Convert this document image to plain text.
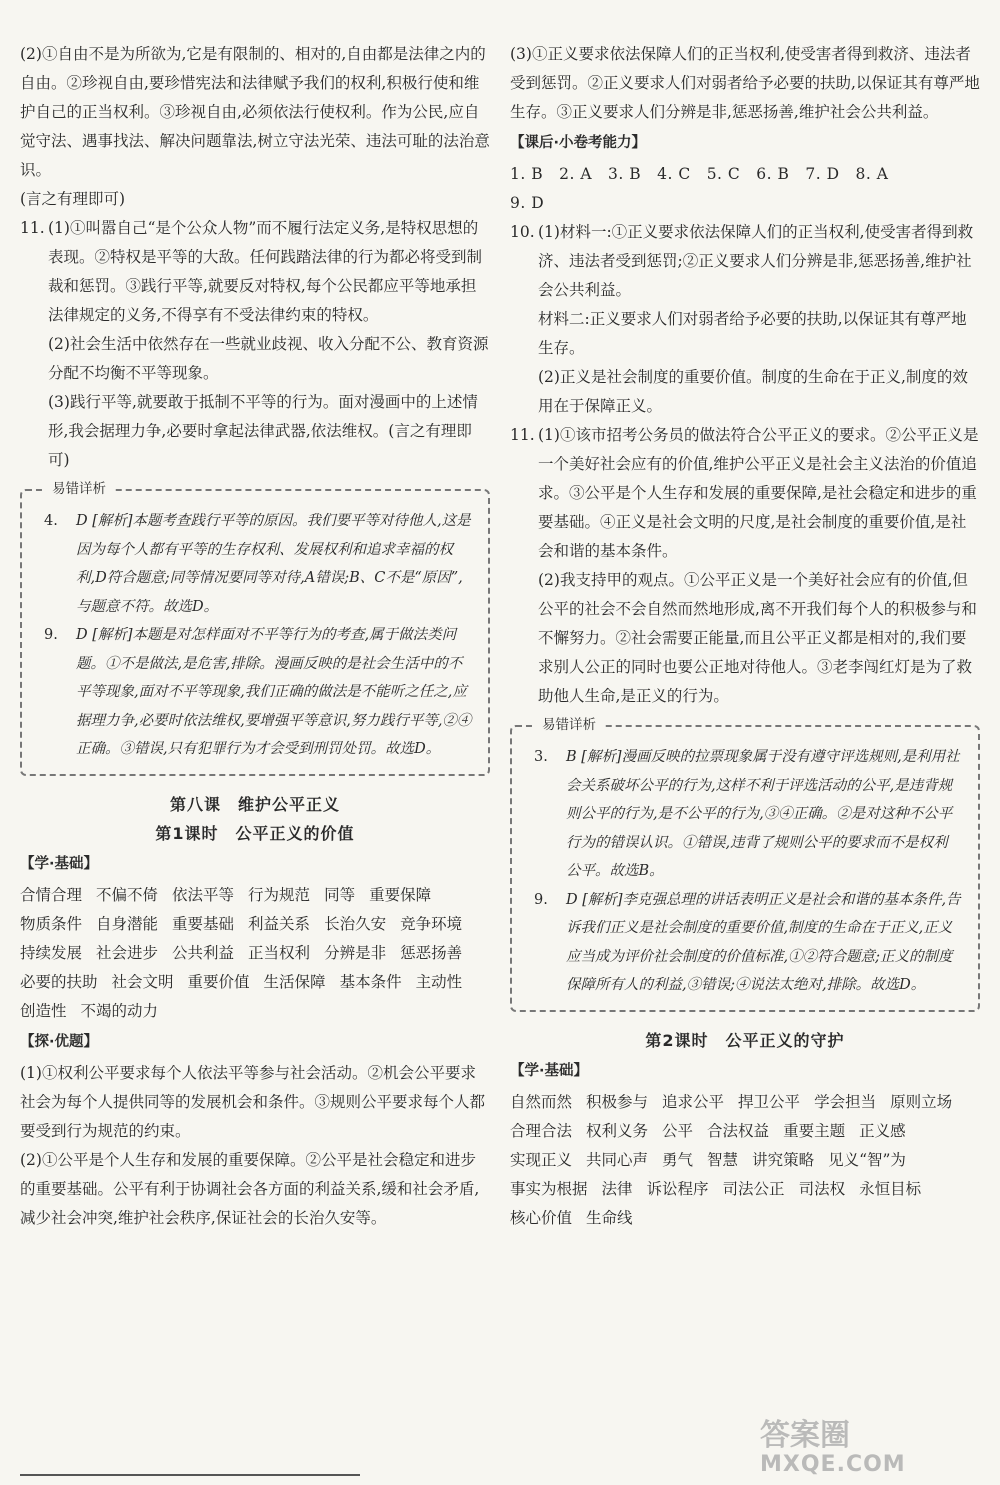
(2)①自由不是为所欲为,它是有限制的、相对的,自由都是法律之内的自由。②珍视自由,要珍惜宪法和法律赋予我们的权利,积极行使和维护自己的正当权利。③珍视自由,必须依法行使权利。作为公民,应自觉守法、遇事找法、解决问题靠法,树立守法光荣、违法可耻的法治意识。

(言之有理即可)

11. (1)①叫嚣自己“是个公众人物”而不履行法定义务,是特权思想的表现。②特权是平等的大敌。任何践踏法律的行为都必将受到制裁和惩罚。③践行平等,就要反对特权,每个公民都应平等地承担法律规定的义务,不得享有不受法律约束的特权。

(2)社会生活中依然存在一些就业歧视、收入分配不公、教育资源分配不均衡不平等现象。

(3)践行平等,就要敢于抵制不平等的行为。面对漫画中的上述情形,我会据理力争,必要时拿起法律武器,依法维权。(言之有理即可)

易错详析
4. D [解析]本题考查践行平等的原因。我们要平等对待他人,这是因为每个人都有平等的生存权利、发展权利和追求幸福的权利,D符合题意;同等情况要同等对待,A错误;B、C不是“原因”,与题意不符。故选D。
9. D [解析]本题是对怎样面对不平等行为的考查,属于做法类问题。①不是做法,是危害,排除。漫画反映的是社会生活中的不平等现象,面对不平等现象,我们正确的做法是不能听之任之,应据理力争,必要时依法维权,要增强平等意识,努力践行平等,②④正确。③错误,只有犯罪行为才会受到刑罚处罚。故选D。

第八课　维护公平正义

第1课时　公平正义的价值

【学·基础】

合情合理 不偏不倚 依法平等 行为规范 同等 重要保障
物质条件 自身潜能 重要基础 利益关系 长治久安 竞争环境
持续发展 社会进步 公共利益 正当权利 分辨是非 惩恶扬善
必要的扶助 社会文明 重要价值 生活保障 基本条件 主动性
创造性 不竭的动力

【探·优题】

(1)①权利公平要求每个人依法平等参与社会活动。②机会公平要求社会为每个人提供同等的发展机会和条件。③规则公平要求每个人都要受到行为规范的约束。

(2)①公平是个人生存和发展的重要保障。②公平是社会稳定和进步的重要基础。公平有利于协调社会各方面的利益关系,缓和社会矛盾,减少社会冲突,维护社会秩序,保证社会的长治久安等。

(3)①正义要求依法保障人们的正当权利,使受害者得到救济、违法者受到惩罚。②正义要求人们对弱者给予必要的扶助,以保证其有尊严地生存。③正义要求人们分辨是非,惩恶扬善,维护社会公共利益。

【课后·小卷考能力】

1. B　2. A　3. B　4. C　5. C　6. B　7. D　8. A

9. D

10. (1)材料一:①正义要求依法保障人们的正当权利,使受害者得到救济、违法者受到惩罚;②正义要求人们分辨是非,惩恶扬善,维护社会公共利益。

材料二:正义要求人们对弱者给予必要的扶助,以保证其有尊严地生存。

(2)正义是社会制度的重要价值。制度的生命在于正义,制度的效用在于保障正义。

11. (1)①该市招考公务员的做法符合公平正义的要求。②公平正义是一个美好社会应有的价值,维护公平正义是社会主义法治的价值追求。③公平是个人生存和发展的重要保障,是社会稳定和进步的重要基础。④正义是社会文明的尺度,是社会制度的重要价值,是社会和谐的基本条件。

(2)我支持甲的观点。①公平正义是一个美好社会应有的价值,但公平的社会不会自然而然地形成,离不开我们每个人的积极参与和不懈努力。②社会需要正能量,而且公平正义都是相对的,我们要求别人公正的同时也要公正地对待他人。③老李闯红灯是为了救助他人生命,是正义的行为。

易错详析
3. B [解析]漫画反映的拉票现象属于没有遵守评选规则,是利用社会关系破坏公平的行为,这样不利于评选活动的公平,是违背规则公平的行为,是不公平的行为,③④正确。②是对这种不公平行为的错误认识。①错误,违背了规则公平的要求而不是权利公平。故选B。
9. D [解析]李克强总理的讲话表明正义是社会和谐的基本条件,告诉我们正义是社会制度的重要价值,制度的生命在于正义,正义应当成为评价社会制度的价值标准,①②符合题意;正义的制度保障所有人的利益,③错误;④说法太绝对,排除。故选D。

第2课时　公平正义的守护

【学·基础】

自然而然 积极参与 追求公平 捍卫公平 学会担当 原则立场
合理合法 权利义务 公平 合法权益 重要主题 正义感
实现正义 共同心声 勇气 智慧 讲究策略 见义“智”为
事实为根据 法律 诉讼程序 司法公正 司法权 永恒目标
核心价值 生命线
答案圈
MXQE.COM
